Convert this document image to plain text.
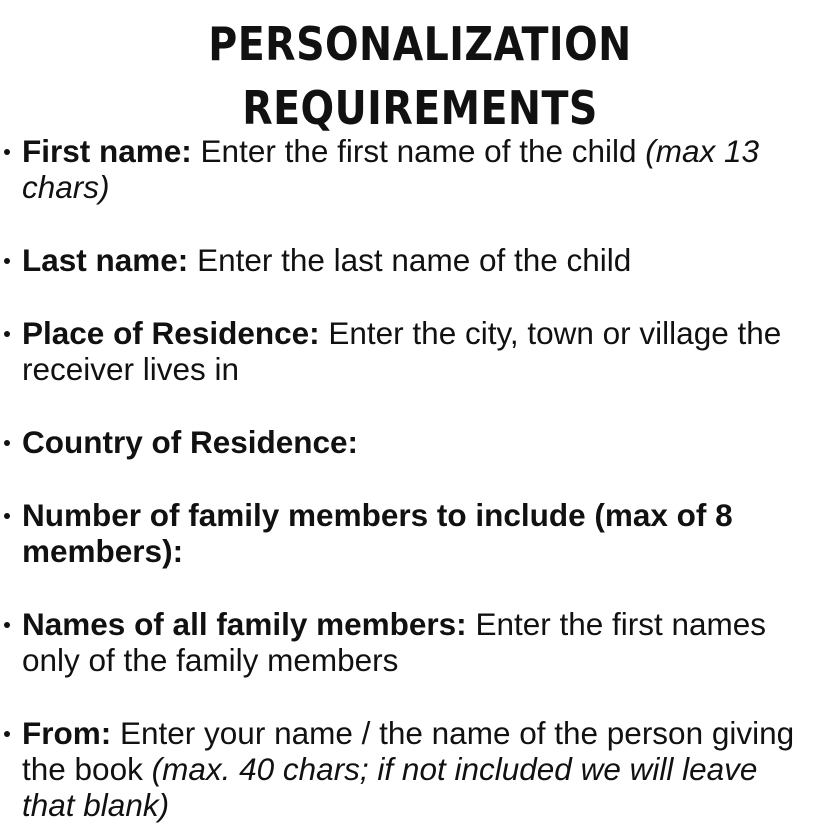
PERSONALIZATION REQUIREMENTS
First name: Enter the first name of the child (max 13
chars)
Last name: Enter the last name of the child
Place of Residence: Enter the city, town or village the
receiver lives in
Country of Residence:
Number of family members to include (max of 8
members):
Names of all family members: Enter the first names
only of the family members
From: Enter your name / the name of the person giving
the book (max. 40 chars; if not included we will leave
that blank)
